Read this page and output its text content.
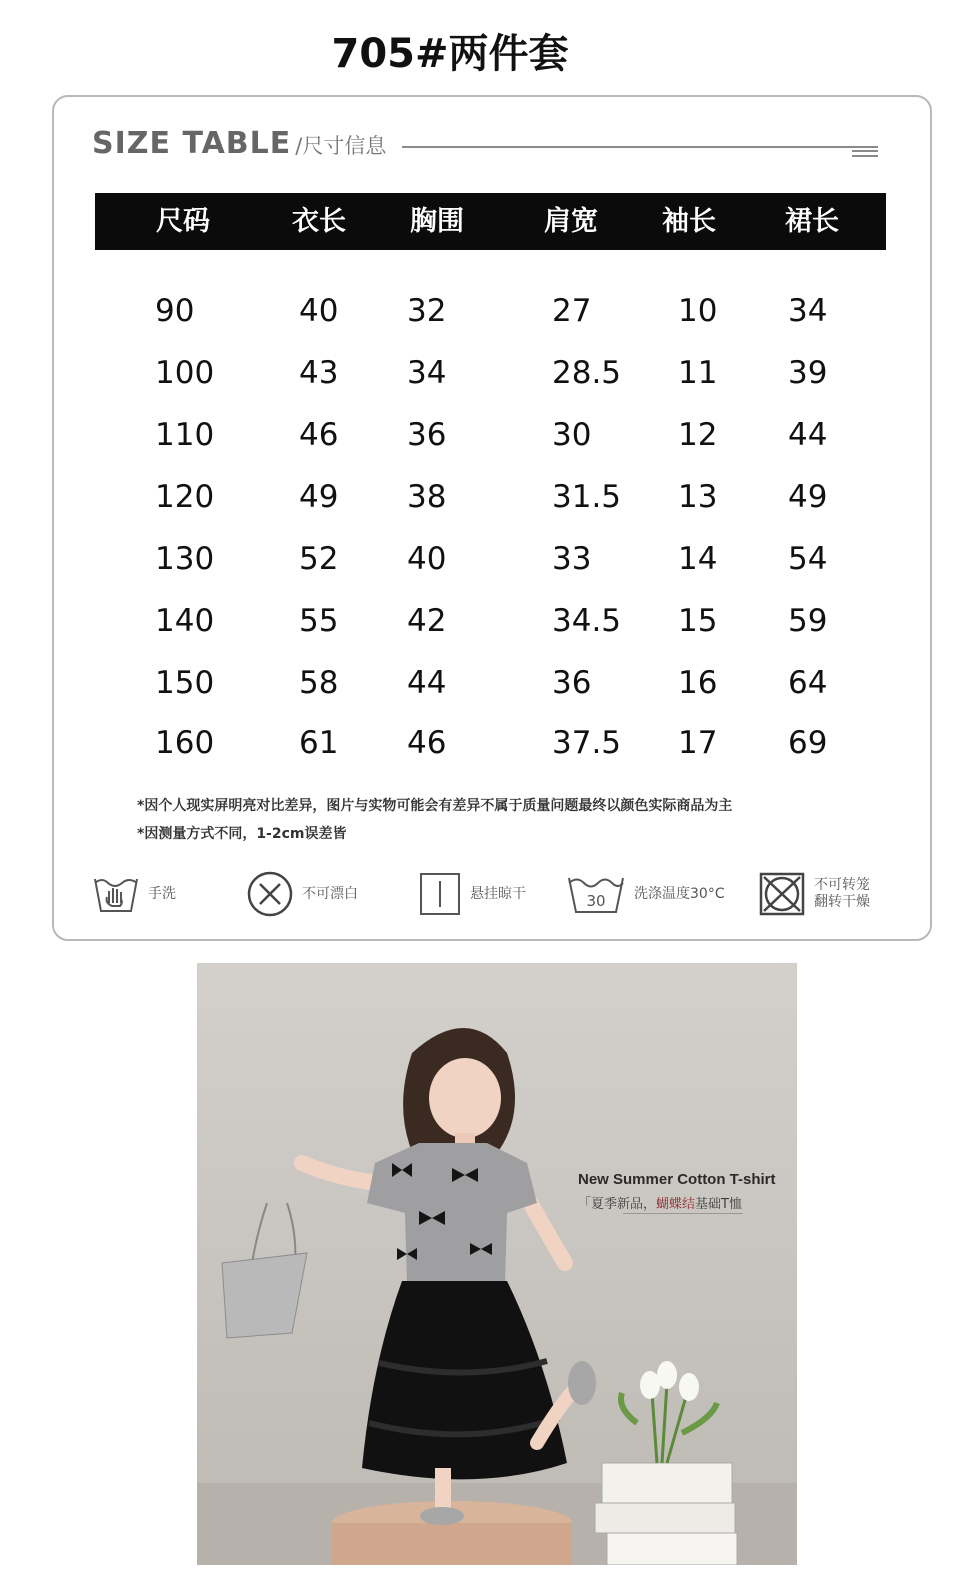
705#两件套
SIZE TABLE /尺寸信息
尺码	衣长 胸围	肩宽 袖长	裙长
90	40 32	27	10 34
100	43 34	28.5 11 39
110	46 36	30	12 44
120	49 38	31.5 13 49
130	52 40	33	14 54
140	55 42	34.5 15 59
150	58 44	36	16 64
160	61 46	37.5 17 69
*因个人现实屏明亮对比差异，图片与实物可能会有差异不属于质量问题最终以颜色实际商品为主
*因测量方式不同，1-2cm误差皆
手洗	不可漂白	悬挂晾干	30 洗涤温度30°C
不可转笼
翻转干燥
New Summer Cotton T-shirt
「夏季新品，蝴蝶结基础T恤
